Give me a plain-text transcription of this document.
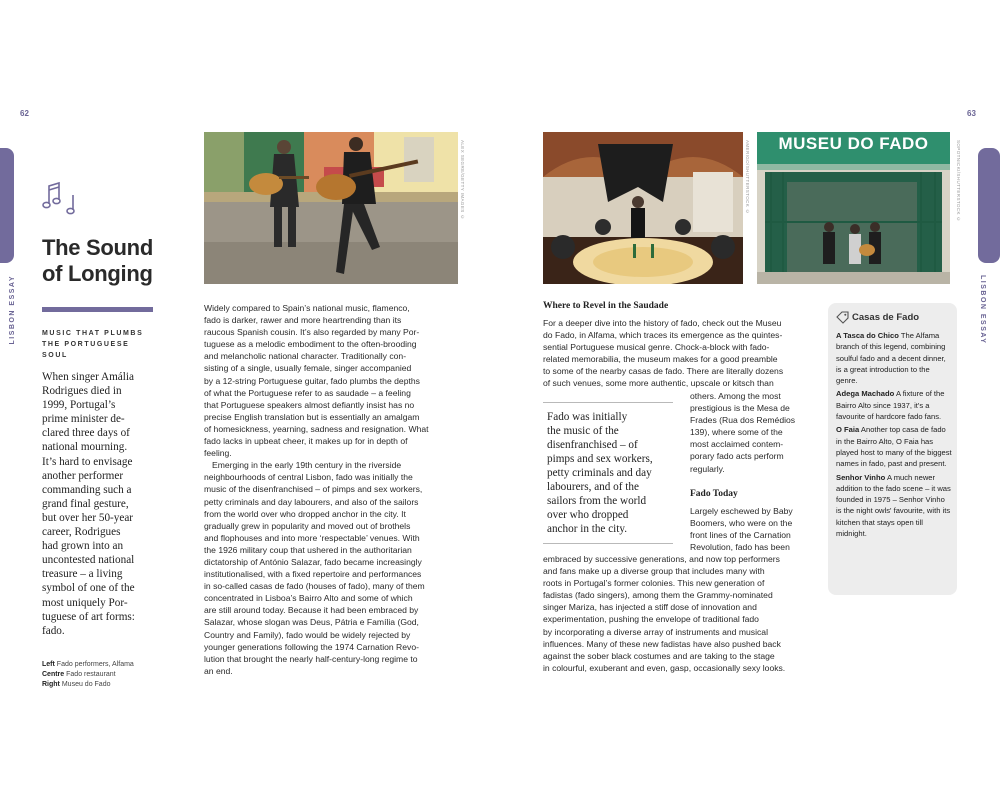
62
LISBON ESSAY
The Sound
of Longing
MUSIC THAT PLUMBS
THE PORTUGUESE
SOUL
When singer Amália
Rodrigues died in
1999, Portugal’s
prime minister de-
clared three days of
national mourning.
It’s hard to envisage
another performer
commanding such a
grand final gesture,
but over her 50-year
career, Rodrigues
had grown into an
uncontested national
treasure – a living
symbol of one of the
most uniquely Por-
tuguese of art forms:
fado.
Left Fado performers, Alfama
Centre Fado restaurant
Right Museu do Fado
ALEX SEGRE/GETTY IMAGES ©

Widely compared to Spain’s national music, flamenco,
fado is darker, rawer and more heartrending than its
raucous Spanish cousin. It’s also regarded by many Por-
tuguese as a melodic embodiment to the often-brooding
and melancholic national character. Traditionally con-
sisting of a single, usually female, singer accompanied
by a 12-string Portuguese guitar, fado plumbs the depths
of what the Portuguese refer to as saudade – a feeling
that Portuguese speakers almost defiantly insist has no
precise English translation but is essentially an amalgam
of homesickness, yearning, sadness and resignation. What
fado lacks in upbeat cheer, it makes up for in depth of
feeling.

Emerging in the early 19th century in the riverside
neighbourhoods of central Lisbon, fado was initially the
music of the disenfranchised – of pimps and sex workers,
petty criminals and day labourers, and also of the sailors
from the world over who dropped anchor in the city. It
gradually grew in popularity and moved out of brothels
and flophouses and into more ‘respectable’ venues. With
the 1926 military coup that ushered in the authoritarian
dictatorship of António Salazar, fado became increasingly
institutionalised, with a fixed repertoire and performances
in so-called casas de fado (houses of fado), many of them
concentrated in Lisboa’s Bairro Alto and some of which
are still around today. Because it had been embraced by
Salazar, whose slogan was Deus, Pátria e Família (God,
Country and Family), fado would be widely rejected by
younger generations following the 1974 Carnation Revo-
lution that brought the nearly half-century-long regime to
an end.

63
LISBON ESSAY
AMERIGO/SHUTTERSTOCK ©	MUSEU DO FADO	SOPOTNICKI/SHUTTERSTOCK ©
Where to Revel in the Saudade
For a deeper dive into the history of fado, check out the Museu
do Fado, in Alfama, which traces its emergence as the quintes-
sential Portuguese musical genre. Chock-a-block with fado-
related memorabilia, the museum makes for a good preamble
to some of the nearby casas de fado. There are literally dozens
of such venues, some more authentic, upscale or kitsch than
Fado was initially
the music of the
disenfranchised – of
pimps and sex workers,
petty criminals and day
labourers, and of the
sailors from the world
over who dropped
anchor in the city.
others. Among the most
prestigious is the Mesa de
Frades (Rua dos Remédios
139), where some of the
most acclaimed contem-
porary fado acts perform
regularly.
Fado Today
Largely eschewed by Baby
Boomers, who were on the
front lines of the Carnation
Revolution, fado has been
embraced by successive generations, and now top performers
and fans make up a diverse group that includes many with
roots in Portugal’s former colonies. This new generation of
fadistas (fado singers), among them the Grammy-nominated
singer Mariza, has injected a stiff dose of innovation and
experimentation, pushing the envelope of traditional fado
by incorporating a diverse array of instruments and musical
influences. Many of these new fadistas have also pushed back
against the sober black costumes and are taking to the stage
in colourful, exuberant and even, gasp, occasionally sexy looks.
Casas de Fado

A Tasca do Chico The Alfama branch of this legend, combining soulful fado and a decent dinner, is a great introduction to the genre.

Adega Machado A fixture of the Bairro Alto since 1937, it's a favourite of hardcore fado fans.

O Faia Another top casa de fado in the Bairro Alto, O Faia has played host to many of the biggest names in fado, past and present.

Senhor Vinho A much newer addition to the fado scene – it was founded in 1975 – Senhor Vinho is the night owls' favourite, with its kitchen that stays open till midnight.
